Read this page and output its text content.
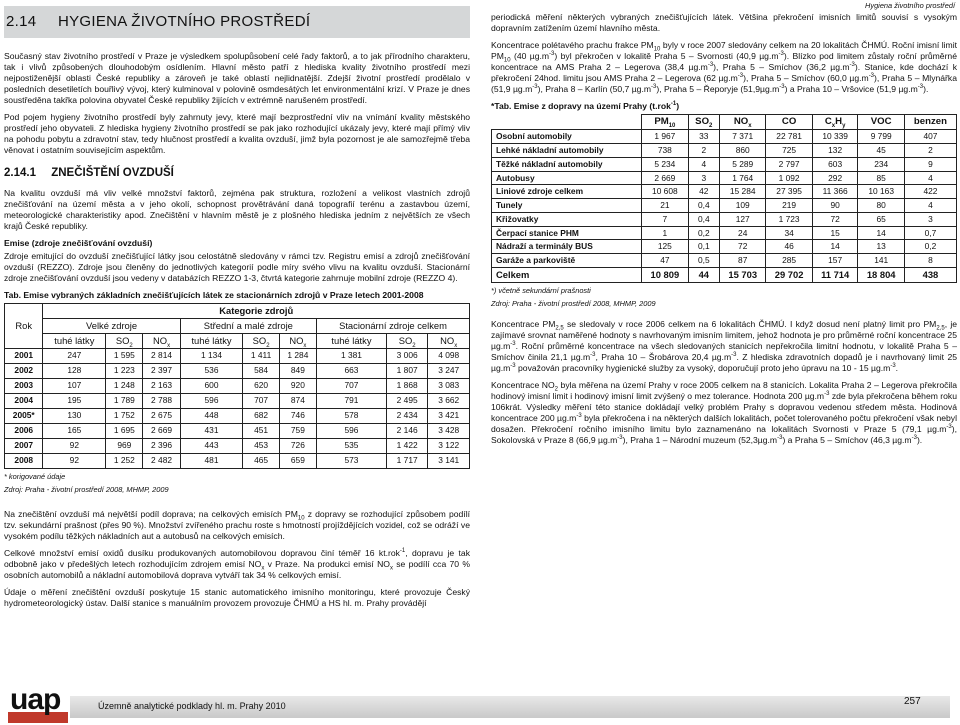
Hygiena životního prostředí
2.14	HYGIENA ŽIVOTNÍHO PROSTŘEDÍ

Současný stav životního prostředí v Praze je výsledkem spolupůsobení celé řady faktorů, a to jak přírodního charakteru, tak i vlivů způsobených dlouhodobým osídlením. Hlavní město patří z hlediska kvality životního prostředí mezi nejpostiženější oblasti České republiky a zároveň je také oblastí nejlidnatější. Zdejší životní prostředí prodělalo v posledních desetiletích bouřlivý vývoj, který kulminoval v polovině osmdesátých let environmentální krizí. V Praze je dnes soustředěna takřka polovina obyvatel České republiky žijících v extrémně narušeném prostředí.

Pod pojem hygieny životního prostředí byly zahrnuty jevy, které mají bezprostřední vliv na vnímání kvality městského prostředí jeho obyvateli. Z hlediska hygieny životního prostředí se pak jako rozhodující ukázaly jevy, které mají přímý vliv na pohodu pobytu a zdravotní stav, tedy hlučnost prostředí a kvalita ovzduší, jimž byla pozornost je ale samozřejmě třeba věnovat i ostatním souvisejícím aspektům.

2.14.1 ZNEČIŠTĚNÍ OVZDUŠÍ

Na kvalitu ovzduší má vliv velké množství faktorů, zejména pak struktura, rozložení a velikost vlastních zdrojů znečišťování na území města a v jeho okolí, schopnost provětrávání daná topografií terénu a zastavbou území, meteorologické charakteristiky apod. Znečištění v hlavním městě je z plošného hlediska jedním z největších ze všech krajů České republiky.

Emise (zdroje znečišťování ovzduší)

Zdroje emitující do ovzduší znečišťující látky jsou celostátně sledovány v rámci tzv. Registru emisí a zdrojů znečišťování ovzduší (REZZO). Zdroje jsou členěny do jednotlivých kategorií podle míry svého vlivu na kvalitu ovzduší. Stacionární zdroje znečišťování ovzduší jsou vedeny v databázích REZZO 1-3, čtvrtá kategorie zahrnuje mobilní zdroje (REZZO 4).

Tab. Emise vybraných základních znečišťujících látek ze stacionárních zdrojů v Praze letech 2001-2008
Rok	Kategorie zdrojů								
	Velké zdroje			Střední a malé zdroje			Stacionární zdroje celkem		
	tuhé látky	$SO_2$	$NO_x$	tuhé látky	$SO_2$	$NO_x$	tuhé látky	$SO_2$	$NO_x$
2001	247	1 595	2 814	1 134	1 411	1 284	1 381	3 006	4 098
2002	128	1 223	2 397	536	584	849	663	1 807	3 247
2003	107	1 248	2 163	600	620	920	707	1 868	3 083
2004	195	1 789	2 788	596	707	874	791	2 495	3 662
2005*	130	1 752	2 675	448	682	746	578	2 434	3 421
2006	165	1 695	2 669	431	451	759	596	2 146	3 428
2007	92	969	2 396	443	453	726	535	1 422	3 122
2008	92	1 252	2 482	481	465	659	573	1 717	3 141
* korigované údaje
Zdroj: Praha - životní prostředí 2008, MHMP, 2009

Na znečištění ovzduší má největší podíl doprava; na celkových emisích $PM_{10}$ z dopravy se rozhodující způsobem podílí tzv. sekundární prašnost (přes 90 %). Množství zvířeného prachu roste s hmotností projíždějících vozidel, což se odráží ve vysokém podílu těžkých nákladních aut a autobusů na celkových emisích.

Celkové množství emisí oxidů dusíku produkovaných automobilovou dopravou činí téměř 16 kt.rok$^{-1}$, dopravu je tak odbobně jako v předešlých letech rozhodujícím zdrojem emisí $NO_x$ v Praze. Na produkci emisí $NO_x$ se podílí cca 70 % osobních automobilů a nákladní automobilová doprava vytváří tak 34 % celkových emisí.

Údaje o měření znečištění ovzduší poskytuje 15 stanic automatického imisního monitoringu, které provozuje Český hydrometeorologický ústav. Další stanice s manuálním provozem provozuje ČHMÚ a HS hl. m. Prahy provádějí

periodická měření některých vybraných znečišťujících látek. Většina překročení imisních limitů souvisí s vysokým dopravním zatížením území hlavního města.

Koncentrace polétavého prachu frakce $PM_{10}$ byly v roce 2007 sledovány celkem na 20 lokalitách ČHMÚ. Roční imisní limit $PM_{10}$ (40 $\mu g.m^{-3}$) byl překročen v lokalitě Praha 5 – Svornosti (40,9 $\mu g.m^{-3}$). Blízko pod limitem zůstaly roční průměrné koncentrace na AMS Praha 2 – Legerova (38,4 $\mu g.m^{-3}$), Praha 5 – Smíchov (36,2 $\mu g.m^{-3}$). Stanice, kde dochází k překročení 24hod. limitu jsou AMS Praha 2 – Legerova (62 $\mu g.m^{-3}$), Praha 5 – Smíchov (60,0 $\mu g.m^{-3}$), Praha 5 – Mlynářka (51,9 $\mu g.m^{-3}$), Praha 8 – Karlín (50,7 $\mu g.m^{-3}$), Praha 5 – Řeporyje $(51,9\mu g.m^{-3})$ a Praha 10 – Vršovice (51,9 $\mu g.m^{-3}$).

*Tab. Emise z dopravy na území Prahy (t.rok$^{-1}$)
	$PM_{10}$	$SO_2$	$NO_x$	CO	$C_xH_y$	VOC	benzen
Osobní automobily	1 967	33	7 371	22 781	10 339	9 799	407
Lehké nákladní automobily	738	2	860	725	132	45	2
Těžké nákladní automobily	5 234	4	5 289	2 797	603	234	9
Autobusy	2 669	3	1 764	1 092	292	85	4
Liniové zdroje celkem	10 608	42	15 284	27 395	11 366	10 163	422
Tunely	21	0,4	109	219	90	80	4
Křižovatky	7	0,4	127	1 723	72	65	3
Čerpací stanice PHM	1	0,2	24	34	15	14	0,7
Nádraží a terminály BUS	125	0,1	72	46	14	13	0,2
Garáže a parkoviště	47	0,5	87	285	157	141	8
Celkem	10 809	44	15 703	29 702	11 714	18 804	438
*) včetně sekundární prašnosti
Zdroj: Praha - životní prostředí 2008, MHMP, 2009

Koncentrace $PM_{2,5}$ se sledovaly v roce 2006 celkem na 6 lokalitách ČHMÚ. I když dosud není platný limit pro $PM_{2,5}$, je zajímavé srovnat naměřené hodnoty s navrhovaným imisním limitem, jehož hodnota je pro průměrné roční koncentrace 25 $\mu g.m^{-3}$. Roční průměrné koncentrace na všech sledovaných stanicích nepřekročila limitní hodnotu, v lokalitě Praha 5 – Smíchov činila 21,1 $\mu g.m^{-3}$, Praha 10 – Šrobárova 20,4 $\mu g.m^{-3}$. Z hlediska zdravotních dopadů je i navrhovaný limit 25 $\mu g.m^{-3}$ považován pracovníky hygienické služby za vysoký, doporučují proto jeho úpravu na 10 - 15 $\mu g.m^{-3}$.

Koncentrace $NO_2$ byla měřena na území Prahy v roce 2005 celkem na 8 stanicích. Lokalita Praha 2 – Legerova překročila hodinový imisní limit i hodinový imisní limit zvýšený o mez tolerance. Hodnota 200 $\mu g.m^{-3}$ zde byla překročena během roku 106krát. Výsledky měření této stanice dokládají velký problém Prahy s dopravou vedenou středem města. Hodinová koncentrace 200 $\mu g.m^{-3}$ byla překročena i na některých dalších lokalitách, počet tolerovaného počtu překročení však nebyl dosažen. Překročení ročního imisního limitu bylo zaznamenáno na lokalitách Svornosti v Praze 5 (79,1 $\mu g.m^{-3}$), Sokolovská v Praze 8 (66,9 $\mu g.m^{-3}$), Praha 1 – Národní muzeum $(52,3\mu g.m^{-3})$ a Praha 5 – Smíchov (46,3 $\mu g.m^{-3}$).

uap	Územně analytické podklady hl. m. Prahy 2010	257
